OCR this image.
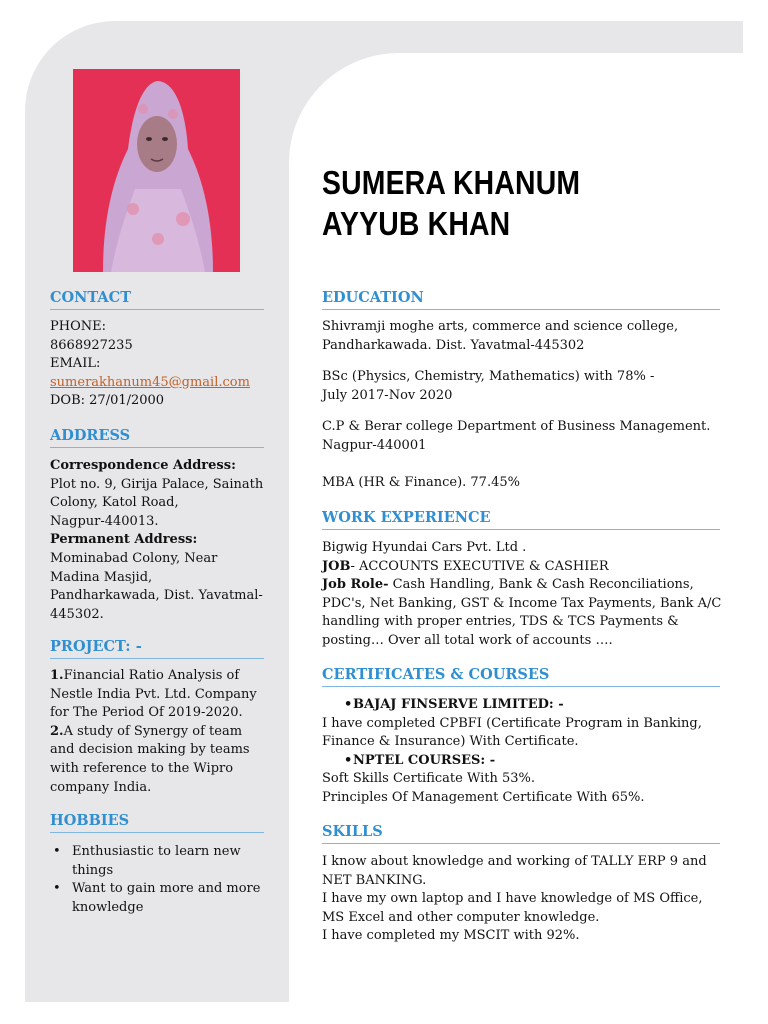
SUMERA KHANUM
AYYUB KHAN
CONTACT

PHONE:

8668927235

EMAIL:

sumerakhanum45@gmail.com

DOB: 27/01/2000

ADDRESS

Correspondence Address:

Plot no. 9, Girija Palace, Sainath

Colony, Katol Road,

Nagpur-440013.

Permanent Address:

Mominabad Colony, Near

Madina Masjid,

Pandharkawada, Dist. Yavatmal-

445302.

PROJECT: -

1.Financial Ratio Analysis of Nestle India Pvt. Ltd. Company for The Period Of 2019-2020.

2.A study of Synergy of team and decision making by teams with reference to the Wipro company India.

HOBBIES
• Enthusiastic to learn new things
• Want to gain more and more knowledge
EDUCATION
Shivramji moghe arts, commerce and science college, Pandharkawada. Dist. Yavatmal-445302
BSc (Physics, Chemistry, Mathematics) with 78% - July 2017-Nov 2020
C.P & Berar college Department of Business Management. Nagpur-440001
MBA (HR & Finance). 77.45%
WORK EXPERIENCE

Bigwig Hyundai Cars Pvt. Ltd .

JOB- ACCOUNTS EXECUTIVE & CASHIER

Job Role- Cash Handling, Bank & Cash Reconciliations, PDC's, Net Banking, GST & Income Tax Payments, Bank A/C handling with proper entries, TDS & TCS Payments & posting… Over all total work of accounts ….

CERTIFICATES & COURSES

• BAJAJ FINSERVE LIMITED: -

I have completed CPBFI (Certificate Program in Banking, Finance & Insurance) With Certificate.

• NPTEL COURSES: -

Soft Skills Certificate With 53%.

Principles Of Management Certificate With 65%.

SKILLS

I know about knowledge and working of TALLY ERP 9 and NET BANKING.

I have my own laptop and I have knowledge of MS Office, MS Excel and other computer knowledge.

I have completed my MSCIT with 92%.
